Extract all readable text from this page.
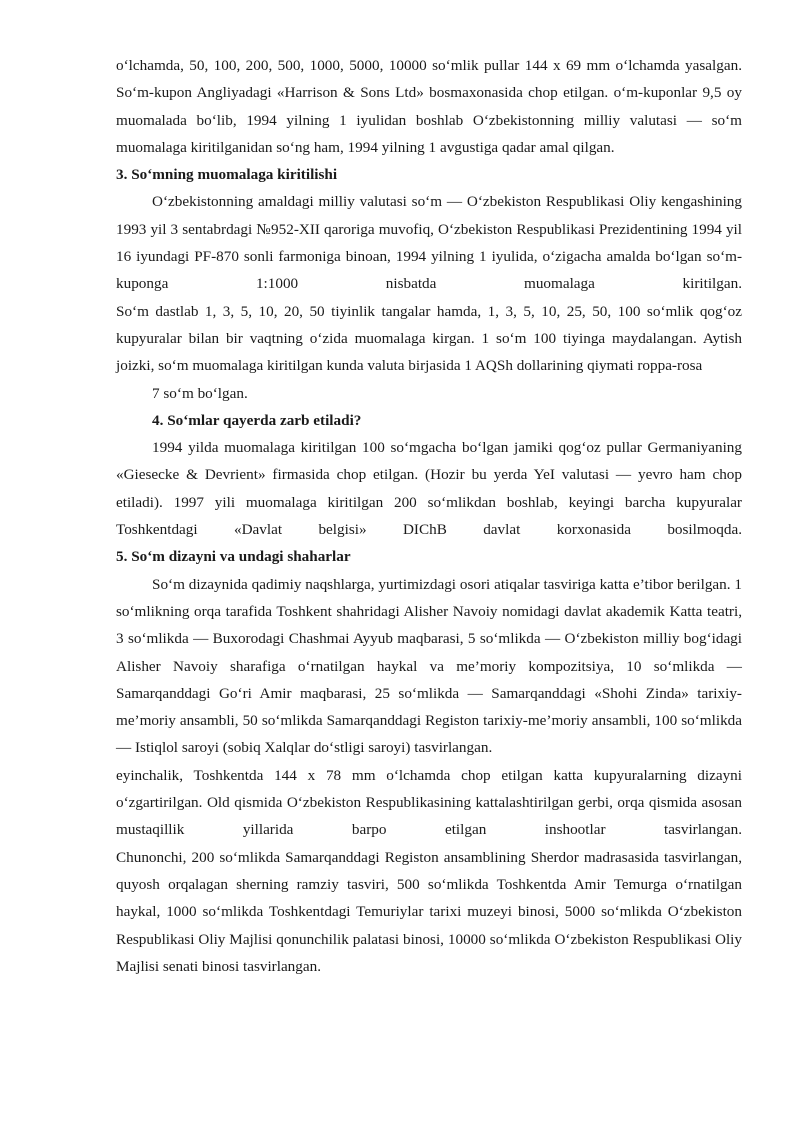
oʻlchamda, 50, 100, 200, 500, 1000, 5000, 10000 soʻmlik pullar 144 x 69 mm oʻlchamda yasalgan. Soʻm-kupon Angliyadagi «Harrison & Sons Ltd» bosmaxonasida chop etilgan. oʻm-kuponlar 9,5 oy muomalada boʻlib, 1994 yilning 1 iyulidan boshlab Oʻzbekistonning milliy valutasi — soʻm muomalaga kiritilganidan soʻng ham, 1994 yilning 1 avgustiga qadar amal qilgan.

3. Soʻmning muomalaga kiritilishi

Oʻzbekistonning amaldagi milliy valutasi soʻm — Oʻzbekiston Respublikasi Oliy kengashining 1993 yil 3 sentabrdagi №952-XII qaroriga muvofiq, Oʻzbekiston Respublikasi Prezidentining 1994 yil 16 iyundagi PF-870 sonli farmoniga binoan, 1994 yilning 1 iyulida, oʻzigacha amalda boʻlgan soʻm-kuponga 1:1000 nisbatda muomalaga kiritilgan.

Soʻm dastlab 1, 3, 5, 10, 20, 50 tiyinlik tangalar hamda, 1, 3, 5, 10, 25, 50, 100 soʻmlik qogʻoz kupyuralar bilan bir vaqtning oʻzida muomalaga kirgan. 1 soʻm 100 tiyinga maydalangan. Aytish joizki, soʻm muomalaga kiritilgan kunda valuta birjasida 1 AQSh dollarining qiymati roppa-rosa

7 soʻm boʻlgan.

4. Soʻmlar qayerda zarb etiladi?

1994 yilda muomalaga kiritilgan 100 soʻmgacha boʻlgan jamiki qogʻoz pullar Germaniyaning «Giesecke & Devrient» firmasida chop etilgan. (Hozir bu yerda YeI valutasi — yevro ham chop etiladi). 1997 yili muomalaga kiritilgan 200 soʻmlikdan boshlab, keyingi barcha kupyuralar Toshkentdagi «Davlat belgisi» DIChB davlat korxonasida bosilmoqda.

5. Soʻm dizayni va undagi shaharlar

Soʻm dizaynida qadimiy naqshlarga, yurtimizdagi osori atiqalar tasviriga katta e’tibor berilgan. 1 soʻmlikning orqa tarafida Toshkent shahridagi Alisher Navoiy nomidagi davlat akademik Katta teatri, 3 soʻmlikda — Buxorodagi Chashmai Ayyub maqbarasi, 5 soʻmlikda — Oʻzbekiston milliy bogʻidagi Alisher Navoiy sharafiga oʻrnatilgan haykal va me’moriy kompozitsiya, 10 soʻmlikda — Samarqanddagi Goʻri Amir maqbarasi, 25 soʻmlikda — Samarqanddagi «Shohi Zinda» tarixiy-me’moriy ansambli, 50 soʻmlikda Samarqanddagi Registon tarixiy-me’moriy ansambli, 100 soʻmlikda — Istiqlol saroyi (sobiq Xalqlar doʻstligi saroyi) tasvirlangan.

eyinchalik, Toshkentda 144 x 78 mm oʻlchamda chop etilgan katta kupyuralarning dizayni oʻzgartirilgan. Old qismida Oʻzbekiston Respublikasining kattalashtirilgan gerbi, orqa qismida asosan mustaqillik yillarida barpo etilgan inshootlar tasvirlangan.

Chunonchi, 200 soʻmlikda Samarqanddagi Registon ansamblining Sherdor madrasasida tasvirlangan, quyosh orqalagan sherning ramziy tasviri, 500 soʻmlikda Toshkentda Amir Temurga oʻrnatilgan haykal, 1000 soʻmlikda Toshkentdagi Temuriylar tarixi muzeyi binosi, 5000 soʻmlikda Oʻzbekiston Respublikasi Oliy Majlisi qonunchilik palatasi binosi, 10000 soʻmlikda Oʻzbekiston Respublikasi Oliy Majlisi senati binosi tasvirlangan.
